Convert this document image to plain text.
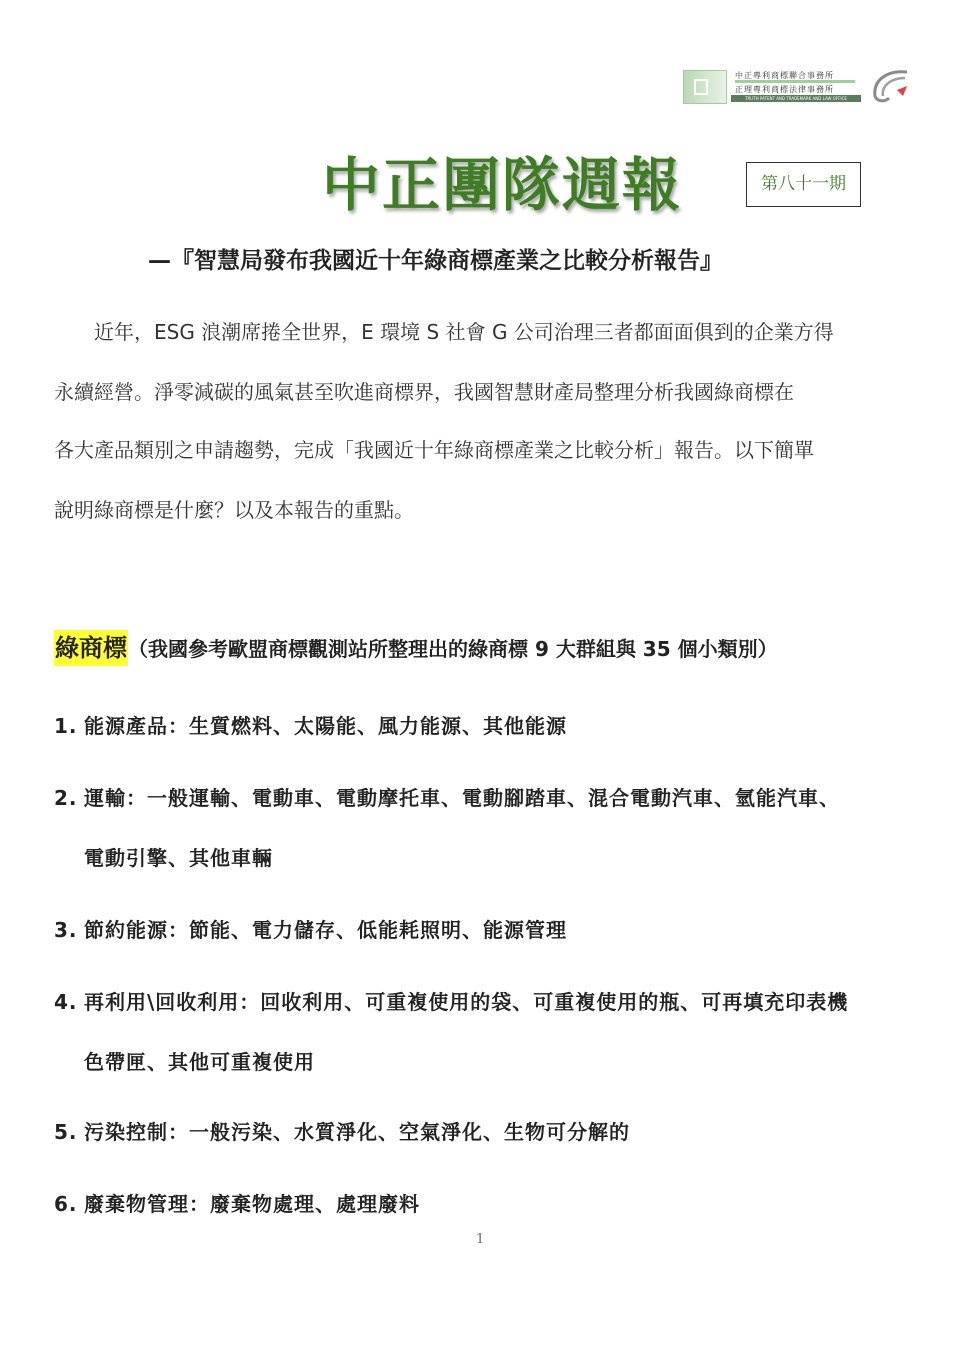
中正專利商標聯合事務所
正理專利商標法律事務所
TRUTH PATENT AND TRADEMARK AND LAW OFFICE
中正團隊週報	第八十一期
—『智慧局發布我國近十年綠商標產業之比較分析報告』
　　近年，ESG 浪潮席捲全世界，E 環境 S 社會 G 公司治理三者都面面俱到的企業方得
永續經營。淨零減碳的風氣甚至吹進商標界，我國智慧財產局整理分析我國綠商標在
各大產品類別之申請趨勢，完成「我國近十年綠商標產業之比較分析」報告。以下簡單
說明綠商標是什麼？以及本報告的重點。
綠商標（我國參考歐盟商標觀測站所整理出的綠商標 9 大群組與 35 個小類別）
1. 能源產品：生質燃料、太陽能、風力能源、其他能源
2. 運輸：一般運輸、電動車、電動摩托車、電動腳踏車、混合電動汽車、氫能汽車、
電動引擎、其他車輛
3. 節約能源：節能、電力儲存、低能耗照明、能源管理
4. 再利用\回收利用：回收利用、可重複使用的袋、可重複使用的瓶、可再填充印表機
色帶匣、其他可重複使用
5. 污染控制：一般污染、水質淨化、空氣淨化、生物可分解的
6. 廢棄物管理：廢棄物處理、處理廢料
1
